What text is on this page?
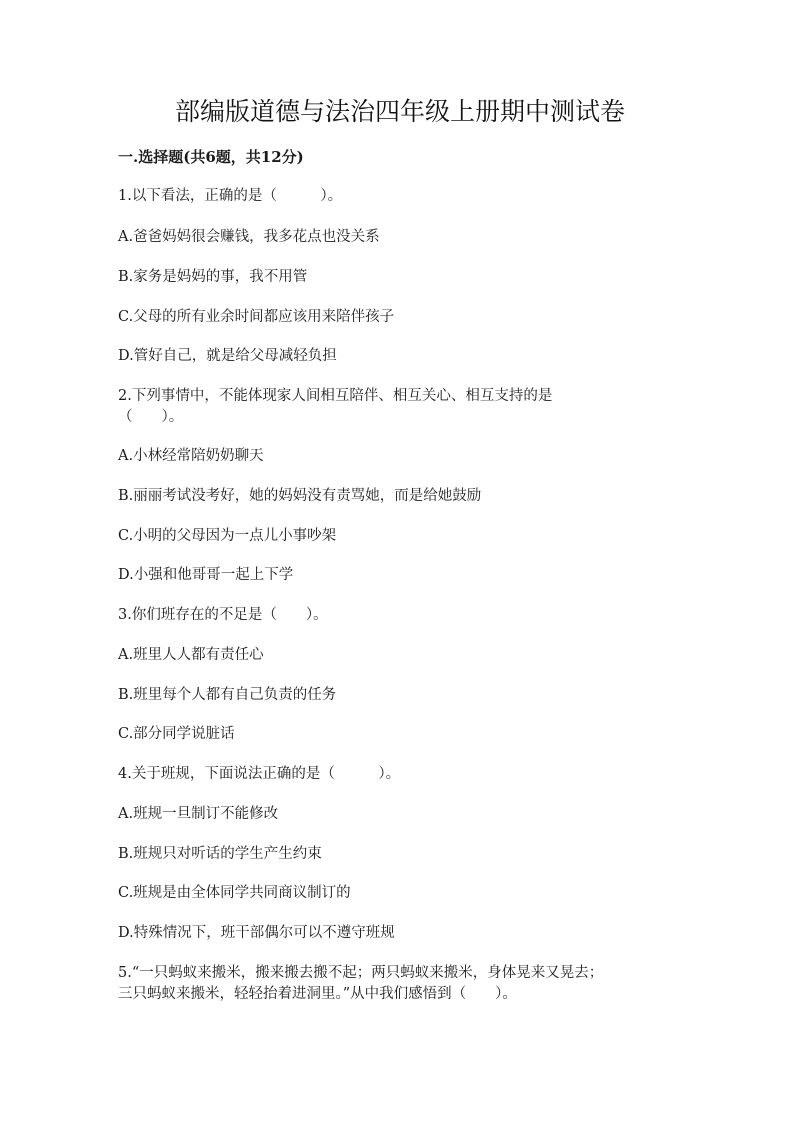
部编版道德与法治四年级上册期中测试卷
一.选择题(共6题，共12分)
1.以下看法，正确的是（　　　）。
A.爸爸妈妈很会赚钱，我多花点也没关系
B.家务是妈妈的事，我不用管
C.父母的所有业余时间都应该用来陪伴孩子
D.管好自己，就是给父母减轻负担
2.下列事情中，不能体现家人间相互陪伴、相互关心、相互支持的是
（　　）。
A.小林经常陪奶奶聊天
B.丽丽考试没考好，她的妈妈没有责骂她，而是给她鼓励
C.小明的父母因为一点儿小事吵架
D.小强和他哥哥一起上下学
3.你们班存在的不足是（　　）。
A.班里人人都有责任心
B.班里每个人都有自己负责的任务
C.部分同学说脏话
4.关于班规，下面说法正确的是（　　　）。
A.班规一旦制订不能修改
B.班规只对听话的学生产生约束
C.班规是由全体同学共同商议制订的
D.特殊情况下，班干部偶尔可以不遵守班规
5.“一只蚂蚁来搬米，搬来搬去搬不起；两只蚂蚁来搬米，身体晃来又晃去；
三只蚂蚁来搬米，轻轻抬着进洞里。”从中我们感悟到（　　）。
